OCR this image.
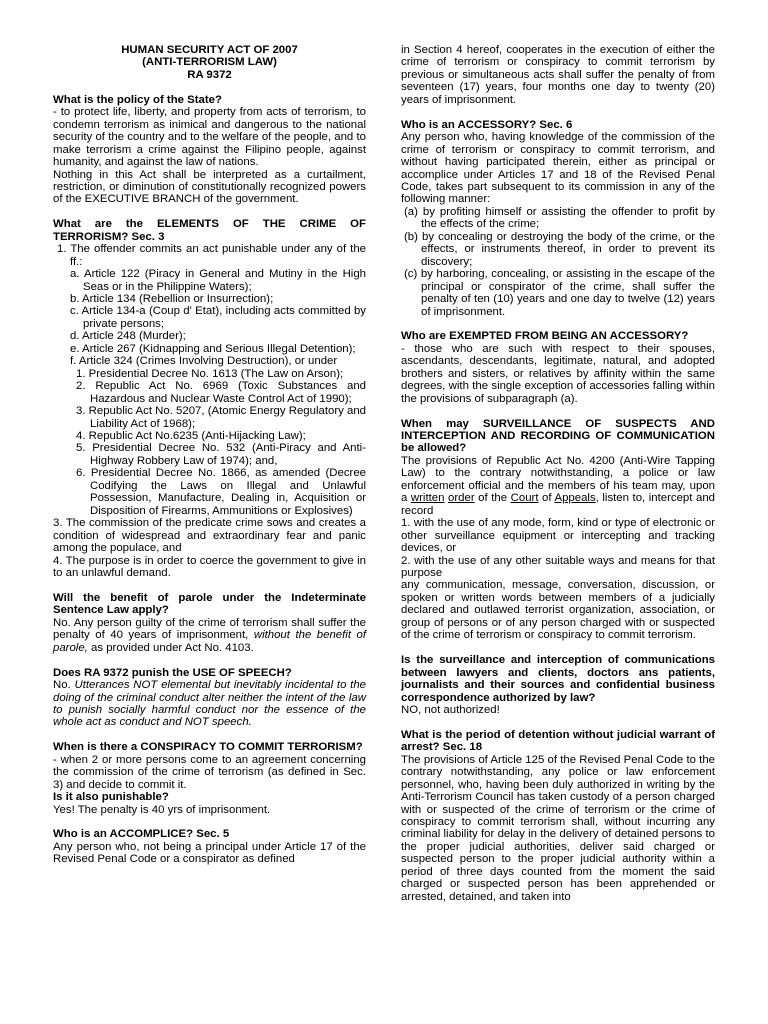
HUMAN SECURITY ACT OF 2007
(ANTI-TERRORISM LAW)
RA 9372

What is the policy of the State?

- to protect life, liberty, and property from acts of terrorism, to condemn terrorism as inimical and dangerous to the national security of the country and to the welfare of the people, and to make terrorism a crime against the Filipino people, against humanity, and against the law of nations.

Nothing in this Act shall be interpreted as a curtailment, restriction, or diminution of constitutionally recognized powers of the EXECUTIVE BRANCH of the government.

What are the ELEMENTS OF THE CRIME OF TERRORISM? Sec. 3

1. The offender commits an act punishable under any of the ff.:

a. Article 122 (Piracy in General and Mutiny in the High Seas or in the Philippine Waters);

b. Article 134 (Rebellion or Insurrection);

c. Article 134-a (Coup d' Etat), including acts committed by private persons;

d. Article 248 (Murder);

e. Article 267 (Kidnapping and Serious Illegal Detention);

f. Article 324 (Crimes Involving Destruction), or under

1. Presidential Decree No. 1613 (The Law on Arson);

2. Republic Act No. 6969 (Toxic Substances and Hazardous and Nuclear Waste Control Act of 1990);

3. Republic Act No. 5207, (Atomic Energy Regulatory and Liability Act of 1968);

4. Republic Act No.6235 (Anti-Hijacking Law);

5. Presidential Decree No. 532 (Anti-Piracy and Anti- Highway Robbery Law of 1974); and,

6. Presidential Decree No. 1866, as amended (Decree Codifying the Laws on Illegal and Unlawful Possession, Manufacture, Dealing in, Acquisition or Disposition of Firearms, Ammunitions or Explosives)

3. The commission of the predicate crime sows and creates a condition of widespread and extraordinary fear and panic among the populace, and

4. The purpose is in order to coerce the government to give in to an unlawful demand.

Will the benefit of parole under the Indeterminate Sentence Law apply?

No. Any person guilty of the crime of terrorism shall suffer the penalty of 40 years of imprisonment, without the benefit of parole, as provided under Act No. 4103.

Does RA 9372 punish the USE OF SPEECH?

No. Utterances NOT elemental but inevitably incidental to the doing of the criminal conduct alter neither the intent of the law to punish socially harmful conduct nor the essence of the whole act as conduct and NOT speech.

When is there a CONSPIRACY TO COMMIT TERRORISM?

- when 2 or more persons come to an agreement concerning the commission of the crime of terrorism (as defined in Sec. 3) and decide to commit it.

Is it also punishable?

Yes! The penalty is 40 yrs of imprisonment.

Who is an ACCOMPLICE? Sec. 5

Any person who, not being a principal under Article 17 of the Revised Penal Code or a conspirator as defined

in Section 4 hereof, cooperates in the execution of either the crime of terrorism or conspiracy to commit terrorism by previous or simultaneous acts shall suffer the penalty of from seventeen (17) years, four months one day to twenty (20) years of imprisonment.

Who is an ACCESSORY? Sec. 6

Any person who, having knowledge of the commission of the crime of terrorism or conspiracy to commit terrorism, and without having participated therein, either as principal or accomplice under Articles 17 and 18 of the Revised Penal Code, takes part subsequent to its commission in any of the following manner:

(a) by profiting himself or assisting the offender to profit by the effects of the crime;

(b) by concealing or destroying the body of the crime, or the effects, or instruments thereof, in order to prevent its discovery;

(c) by harboring, concealing, or assisting in the escape of the principal or conspirator of the crime, shall suffer the penalty of ten (10) years and one day to twelve (12) years of imprisonment.

Who are EXEMPTED FROM BEING AN ACCESSORY?

- those who are such with respect to their spouses, ascendants, descendants, legitimate, natural, and adopted brothers and sisters, or relatives by affinity within the same degrees, with the single exception of accessories falling within the provisions of subparagraph (a).

When may SURVEILLANCE OF SUSPECTS AND INTERCEPTION AND RECORDING OF COMMUNICATION be allowed?

The provisions of Republic Act No. 4200 (Anti-Wire Tapping Law) to the contrary notwithstanding, a police or law enforcement official and the members of his team may, upon a written order of the Court of Appeals, listen to, intercept and record

1. with the use of any mode, form, kind or type of electronic or other surveillance equipment or intercepting and tracking devices, or

2. with the use of any other suitable ways and means for that purpose

any communication, message, conversation, discussion, or spoken or written words between members of a judicially declared and outlawed terrorist organization, association, or group of persons or of any person charged with or suspected of the crime of terrorism or conspiracy to commit terrorism.

Is the surveillance and interception of communications between lawyers and clients, doctors ans patients, journalists and their sources and confidential business correspondence authorized by law?

NO, not authorized!

What is the period of detention without judicial warrant of arrest? Sec. 18

The provisions of Article 125 of the Revised Penal Code to the contrary notwithstanding, any police or law enforcement personnel, who, having been duly authorized in writing by the Anti-Terrorism Council has taken custody of a person charged with or suspected of the crime of terrorism or the crime of conspiracy to commit terrorism shall, without incurring any criminal liability for delay in the delivery of detained persons to the proper judicial authorities, deliver said charged or suspected person to the proper judicial authority within a period of three days counted from the moment the said charged or suspected person has been apprehended or arrested, detained, and taken into
